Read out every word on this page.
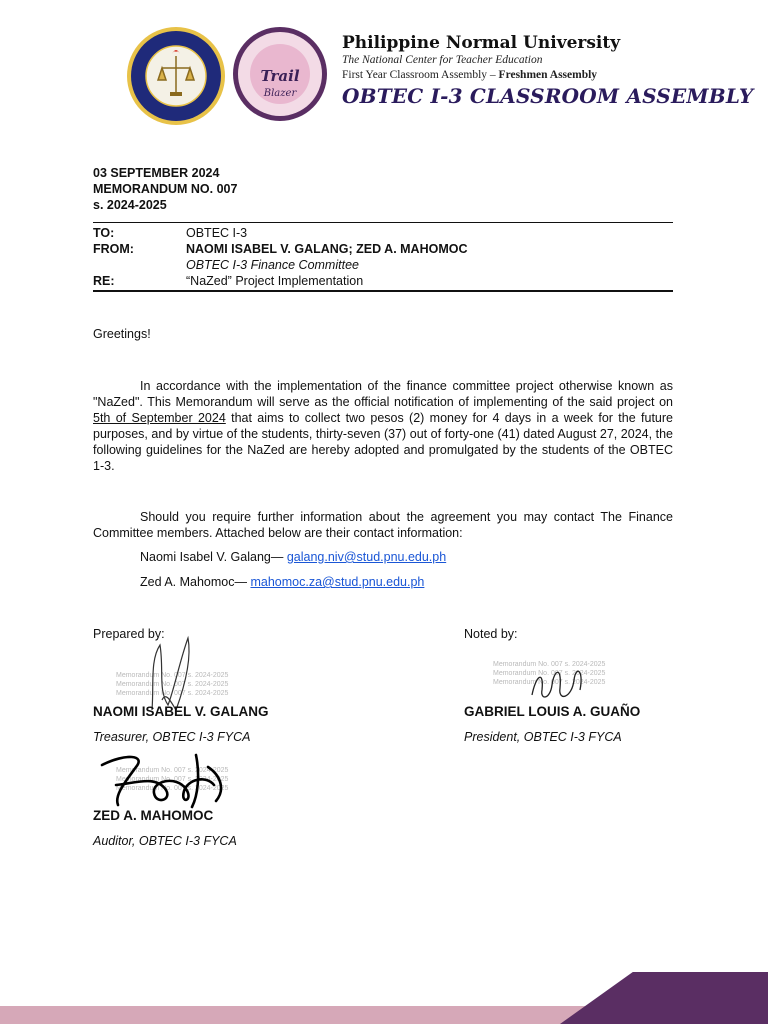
Trail
Blazer
Philippine Normal University
The National Center for Teacher Education
First Year Classroom Assembly – Freshmen Assembly
OBTEC I-3 CLASSROOM ASSEMBLY
03 SEPTEMBER 2024
MEMORANDUM NO. 007
s. 2024-2025
TO:	OBTEC I-3
FROM:	NAOMI ISABEL V. GALANG; ZED A. MAHOMOC
OBTEC I-3 Finance Committee
RE:	“NaZed” Project Implementation
Greetings!
In accordance with the implementation of the finance committee project otherwise known as "NaZed". This Memorandum will serve as the official notification of implementing of the said project on 5th of September 2024 that aims to collect two pesos (2) money for 4 days in a week for the future purposes, and by virtue of the students, thirty-seven (37) out of forty-one (41) dated August 27, 2024, the following guidelines for the NaZed are hereby adopted and promulgated by the students of the OBTEC 1-3.
Should you require further information about the agreement you may contact The Finance Committee members. Attached below are their contact information:
Naomi Isabel V. Galang— galang.niv@stud.pnu.edu.ph
Zed A. Mahomoc— mahomoc.za@stud.pnu.edu.ph
Prepared by:	Noted by:
Memorandum No. 007 s. 2024-2025
Memorandum No. 007 s. 2024-2025
Memorandum No. 007 s. 2024-2025
NAOMI ISABEL V. GALANG
Treasurer, OBTEC I-3 FYCA
Memorandum No. 007 s. 2024-2025
Memorandum No. 007 s. 2024-2025
Memorandum No. 007 s. 2024-2025
GABRIEL LOUIS A. GUAÑO
President, OBTEC I-3 FYCA
Memorandum No. 007 s. 2024-2025
Memorandum No. 007 s. 2024-2025
Memorandum No. 007 s. 2024-2025
ZED A. MAHOMOC
Auditor, OBTEC I-3 FYCA
